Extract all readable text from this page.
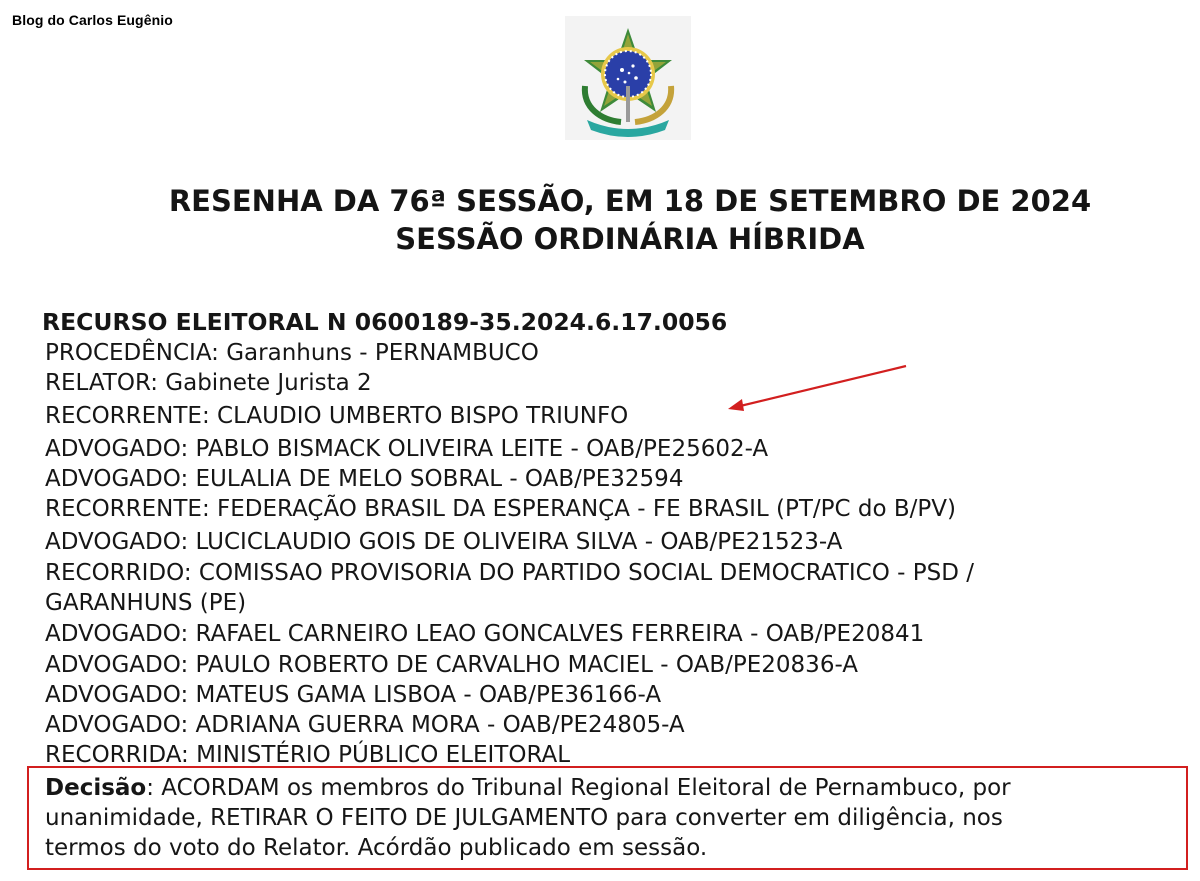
Blog do Carlos Eugênio
RESENHA DA 76ª SESSÃO, EM 18 DE SETEMBRO DE 2024
SESSÃO ORDINÁRIA HÍBRIDA
RECURSO ELEITORAL N 0600189-35.2024.6.17.0056
PROCEDÊNCIA: Garanhuns - PERNAMBUCO
RELATOR: Gabinete Jurista 2
RECORRENTE: CLAUDIO UMBERTO BISPO TRIUNFO
ADVOGADO: PABLO BISMACK OLIVEIRA LEITE - OAB/PE25602-A
ADVOGADO: EULALIA DE MELO SOBRAL - OAB/PE32594
RECORRENTE: FEDERAÇÃO BRASIL DA ESPERANÇA - FE BRASIL (PT/PC do B/PV)
ADVOGADO: LUCICLAUDIO GOIS DE OLIVEIRA SILVA - OAB/PE21523-A
RECORRIDO: COMISSAO PROVISORIA DO PARTIDO SOCIAL DEMOCRATICO - PSD /
GARANHUNS (PE)
ADVOGADO: RAFAEL CARNEIRO LEAO GONCALVES FERREIRA - OAB/PE20841
ADVOGADO: PAULO ROBERTO DE CARVALHO MACIEL - OAB/PE20836-A
ADVOGADO: MATEUS GAMA LISBOA - OAB/PE36166-A
ADVOGADO: ADRIANA GUERRA MORA - OAB/PE24805-A
RECORRIDA: MINISTÉRIO PÚBLICO ELEITORAL
Decisão: ACORDAM os membros do Tribunal Regional Eleitoral de Pernambuco, por
unanimidade, RETIRAR O FEITO DE JULGAMENTO para converter em diligência, nos
termos do voto do Relator. Acórdão publicado em sessão.
